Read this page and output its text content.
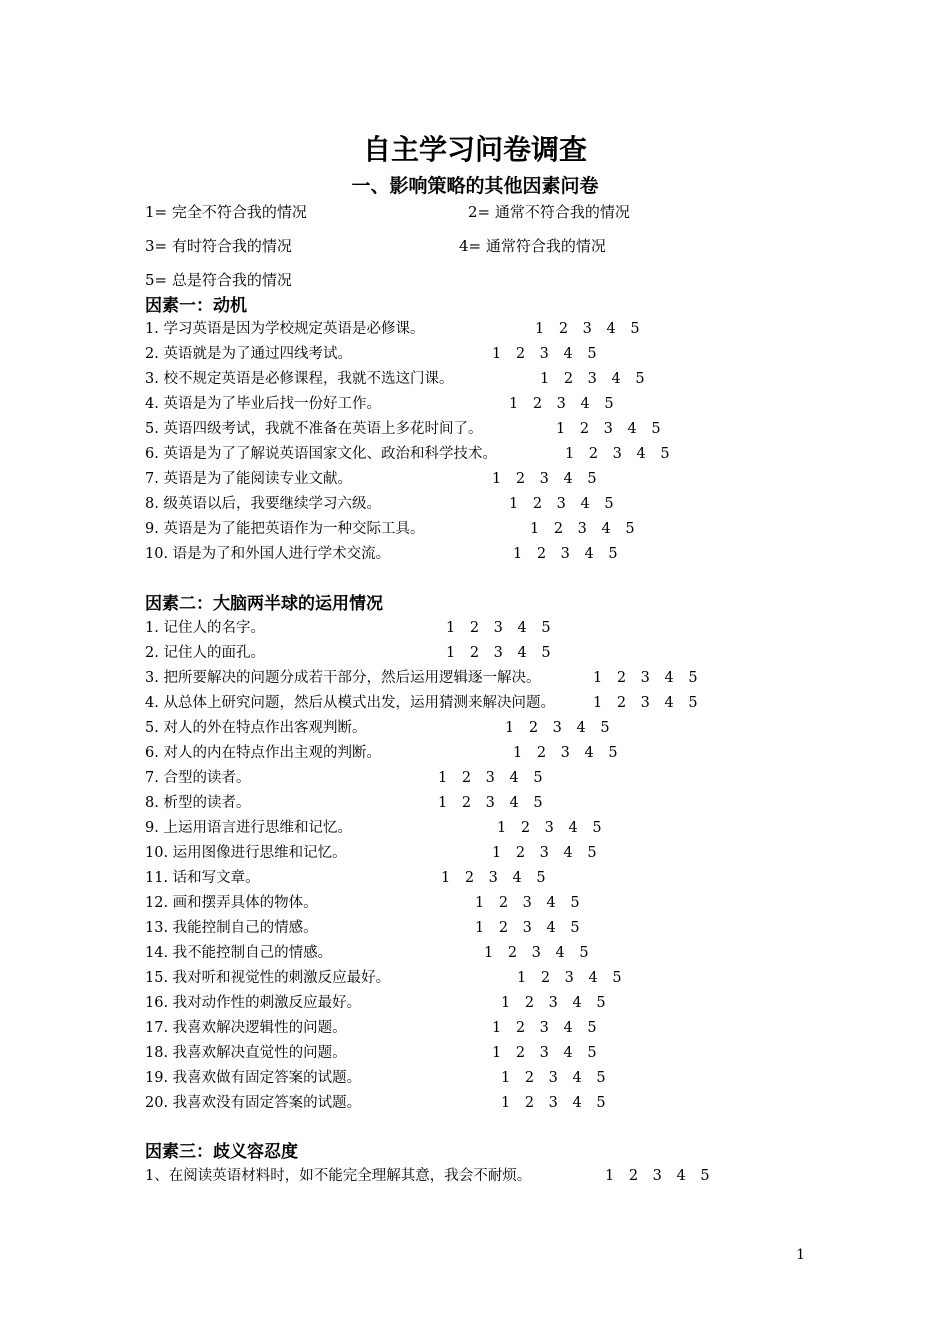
自主学习问卷调查
一、影响策略的其他因素问卷
1= 完全不符合我的情况	2= 通常不符合我的情况
3= 有时符合我的情况	4= 通常符合我的情况
5= 总是符合我的情况
因素一：动机
1. 学习英语是因为学校规定英语是必修课。	1 2 3 4 5
2. 英语就是为了通过四线考试。	1 2 3 4 5
3. 校不规定英语是必修课程，我就不选这门课。	1 2 3 4 5
4. 英语是为了毕业后找一份好工作。	1 2 3 4 5
5. 英语四级考试，我就不准备在英语上多花时间了。	1 2 3 4 5
6. 英语是为了了解说英语国家文化、政治和科学技术。	1 2 3 4 5
7. 英语是为了能阅读专业文献。	1 2 3 4 5
8. 级英语以后，我要继续学习六级。	1 2 3 4 5
9. 英语是为了能把英语作为一种交际工具。	1 2 3 4 5
10. 语是为了和外国人进行学术交流。	1 2 3 4 5
因素二：大脑两半球的运用情况
1. 记住人的名字。	1 2 3 4 5
2. 记住人的面孔。	1 2 3 4 5
3. 把所要解决的问题分成若干部分，然后运用逻辑逐一解决。	1 2 3 4 5
4. 从总体上研究问题，然后从模式出发，运用猜测来解决问题。	1 2 3 4 5
5. 对人的外在特点作出客观判断。	1 2 3 4 5
6. 对人的内在特点作出主观的判断。	1 2 3 4 5
7. 合型的读者。	1 2 3 4 5
8. 析型的读者。	1 2 3 4 5
9. 上运用语言进行思维和记忆。	1 2 3 4 5
10. 运用图像进行思维和记忆。	1 2 3 4 5
11. 话和写文章。	1 2 3 4 5
12. 画和摆弄具体的物体。	1 2 3 4 5
13. 我能控制自己的情感。	1 2 3 4 5
14. 我不能控制自己的情感。	1 2 3 4 5
15. 我对听和视觉性的刺激反应最好。	1 2 3 4 5
16. 我对动作性的刺激反应最好。	1 2 3 4 5
17. 我喜欢解决逻辑性的问题。	1 2 3 4 5
18. 我喜欢解决直觉性的问题。	1 2 3 4 5
19. 我喜欢做有固定答案的试题。	1 2 3 4 5
20. 我喜欢没有固定答案的试题。	1 2 3 4 5
因素三：歧义容忍度
1、在阅读英语材料时，如不能完全理解其意，我会不耐烦。	1 2 3 4 5
1
